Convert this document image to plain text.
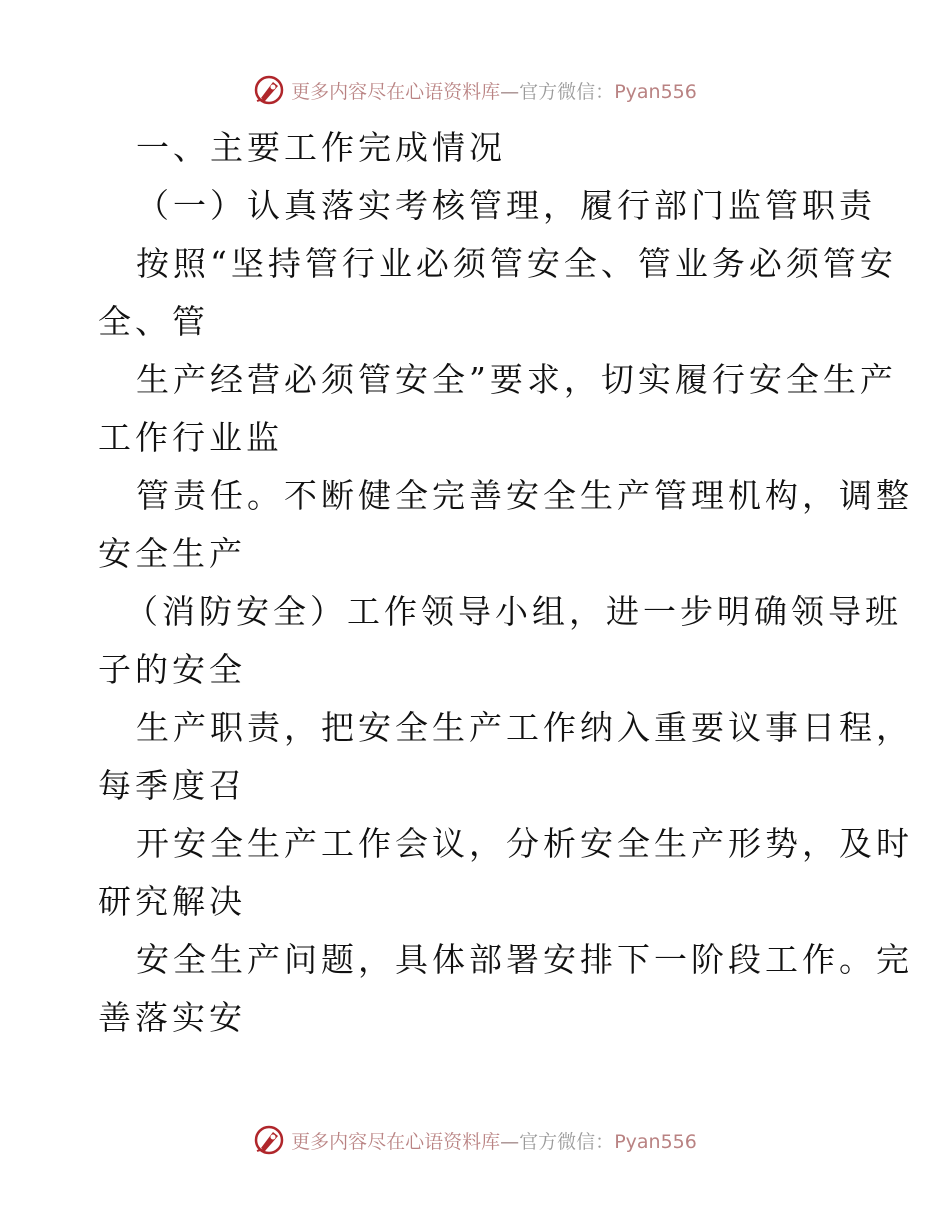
更多内容尽在心语资料库—官方微信：Pyan556
一、主要工作完成情况
（一）认真落实考核管理，履行部门监管职责
按照“坚持管行业必须管安全、管业务必须管安
全、管
生产经营必须管安全”要求，切实履行安全生产
工作行业监
管责任。不断健全完善安全生产管理机构，调整
安全生产
（消防安全）工作领导小组，进一步明确领导班
子的安全
生产职责，把安全生产工作纳入重要议事日程，
每季度召
开安全生产工作会议，分析安全生产形势，及时
研究解决
安全生产问题，具体部署安排下一阶段工作。完
善落实安
更多内容尽在心语资料库—官方微信：Pyan556
